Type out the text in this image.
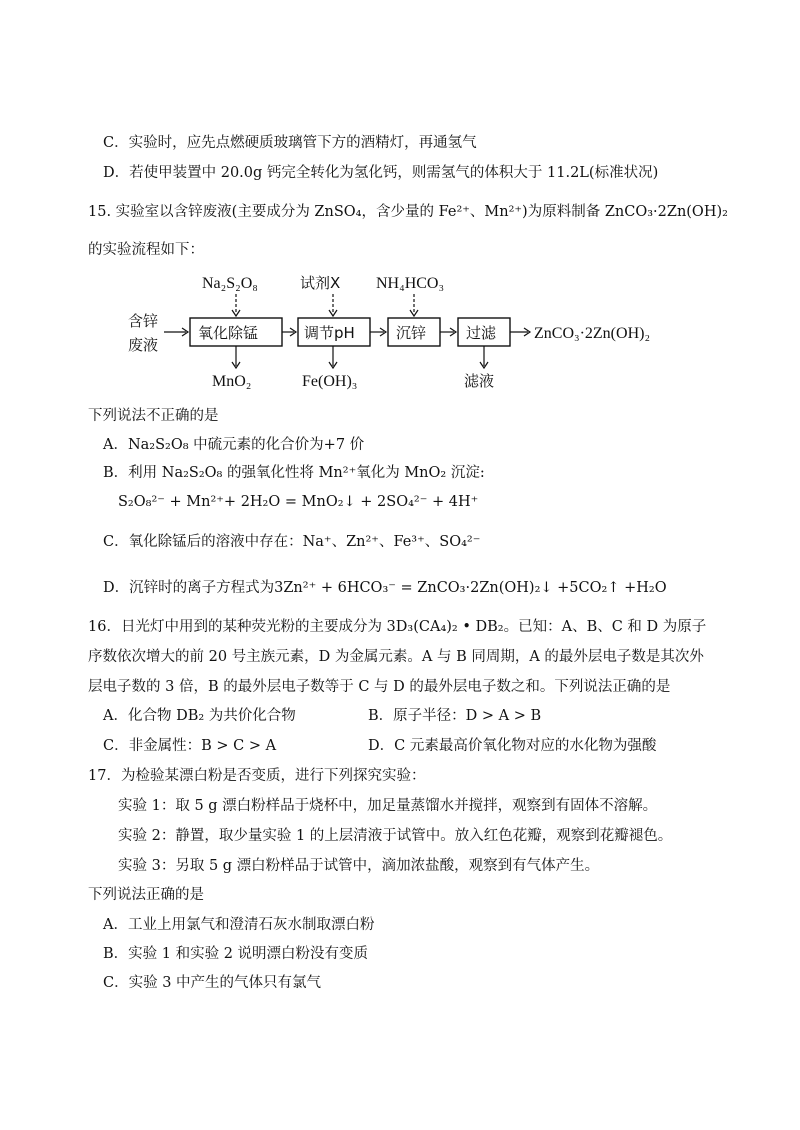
C．实验时，应先点燃硬质玻璃管下方的酒精灯，再通氢气
D．若使甲装置中 20.0g 钙完全转化为氢化钙，则需氢气的体积大于 11.2L(标准状况)
15. 实验室以含锌废液(主要成分为 ZnSO₄，含少量的 Fe²⁺、Mn²⁺)为原料制备 ZnCO₃·2Zn(OH)₂
的实验流程如下：
含锌
废液
氧化除锰	调节pH	沉锌	过滤 ZnCO₃·2Zn(OH)₂
Na₂S₂O₈	试剂X NH₄HCO₃
MnO₂	Fe(OH)₃	滤液
下列说法不正确的是
A．Na₂S₂O₈ 中硫元素的化合价为+7 价
B．利用 Na₂S₂O₈ 的强氧化性将 Mn²⁺氧化为 MnO₂ 沉淀:
S₂O₈²⁻ + Mn²⁺+ 2H₂O = MnO₂↓ + 2SO₄²⁻ + 4H⁺
C．氧化除锰后的溶液中存在：Na⁺、Zn²⁺、Fe³⁺、SO₄²⁻
D．沉锌时的离子方程式为3Zn²⁺ + 6HCO₃⁻ = ZnCO₃·2Zn(OH)₂↓ +5CO₂↑ +H₂O
16．日光灯中用到的某种荧光粉的主要成分为 3D₃(CA₄)₂ • DB₂。已知：A、B、C 和 D 为原子
序数依次增大的前 20 号主族元素，D 为金属元素。A 与 B 同周期，A 的最外层电子数是其次外
层电子数的 3 倍，B 的最外层电子数等于 C 与 D 的最外层电子数之和。下列说法正确的是
A．化合物 DB₂ 为共价化合物	B．原子半径：D > A > B
C．非金属性：B > C > A	D．C 元素最高价氧化物对应的水化物为强酸
17．为检验某漂白粉是否变质，进行下列探究实验：
实验 1：取 5 g 漂白粉样品于烧杯中，加足量蒸馏水并搅拌，观察到有固体不溶解。
实验 2：静置，取少量实验 1 的上层清液于试管中。放入红色花瓣，观察到花瓣褪色。
实验 3：另取 5 g 漂白粉样品于试管中，滴加浓盐酸，观察到有气体产生。
下列说法正确的是
A．工业上用氯气和澄清石灰水制取漂白粉
B．实验 1 和实验 2 说明漂白粉没有变质
C．实验 3 中产生的气体只有氯气
